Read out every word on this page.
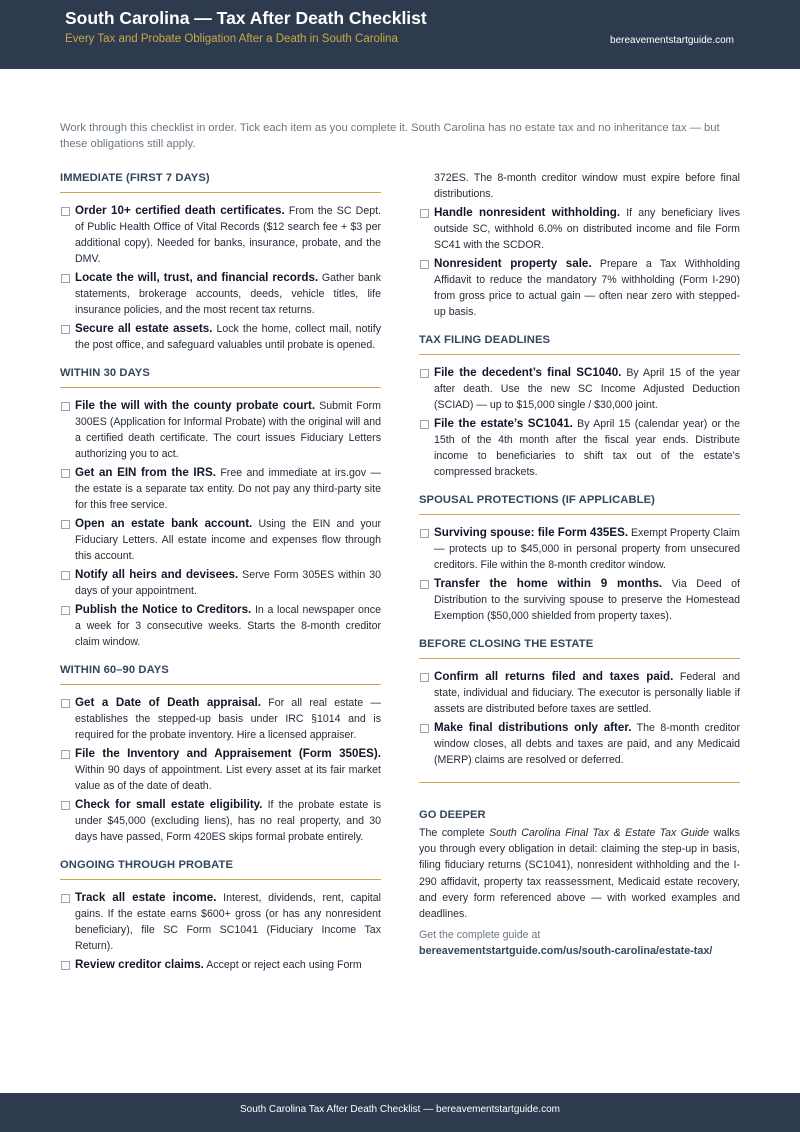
South Carolina — Tax After Death Checklist
Every Tax and Probate Obligation After a Death in South Carolina	bereavementstartguide.com
Work through this checklist in order. Tick each item as you complete it. South Carolina has no estate tax and no inheritance tax — but these obligations still apply.
IMMEDIATE (FIRST 7 DAYS)
Order 10+ certified death certificates. From the SC Dept. of Public Health Office of Vital Records ($12 search fee + $3 per additional copy). Needed for banks, insurance, probate, and the DMV.
Locate the will, trust, and financial records. Gather bank statements, brokerage accounts, deeds, vehicle titles, life insurance policies, and the most recent tax returns.
Secure all estate assets. Lock the home, collect mail, notify the post office, and safeguard valuables until probate is opened.
WITHIN 30 DAYS
File the will with the county probate court. Submit Form 300ES (Application for Informal Probate) with the original will and a certified death certificate. The court issues Fiduciary Letters authorizing you to act.
Get an EIN from the IRS. Free and immediate at irs.gov — the estate is a separate tax entity. Do not pay any third-party site for this free service.
Open an estate bank account. Using the EIN and your Fiduciary Letters. All estate income and expenses flow through this account.
Notify all heirs and devisees. Serve Form 305ES within 30 days of your appointment.
Publish the Notice to Creditors. In a local newspaper once a week for 3 consecutive weeks. Starts the 8-month creditor claim window.
WITHIN 60–90 DAYS
Get a Date of Death appraisal. For all real estate — establishes the stepped-up basis under IRC §1014 and is required for the probate inventory. Hire a licensed appraiser.
File the Inventory and Appraisement (Form 350ES). Within 90 days of appointment. List every asset at its fair market value as of the date of death.
Check for small estate eligibility. If the probate estate is under $45,000 (excluding liens), has no real property, and 30 days have passed, Form 420ES skips formal probate entirely.
ONGOING THROUGH PROBATE
Track all estate income. Interest, dividends, rent, capital gains. If the estate earns $600+ gross (or has any nonresident beneficiary), file SC Form SC1041 (Fiduciary Income Tax Return).
Review creditor claims. Accept or reject each using Form
372ES. The 8-month creditor window must expire before final distributions.
Handle nonresident withholding. If any beneficiary lives outside SC, withhold 6.0% on distributed income and file Form SC41 with the SCDOR.
Nonresident property sale. Prepare a Tax Withholding Affidavit to reduce the mandatory 7% withholding (Form I-290) from gross price to actual gain — often near zero with stepped-up basis.
TAX FILING DEADLINES
File the decedent’s final SC1040. By April 15 of the year after death. Use the new SC Income Adjusted Deduction (SCIAD) — up to $15,000 single / $30,000 joint.
File the estate’s SC1041. By April 15 (calendar year) or the 15th of the 4th month after the fiscal year ends. Distribute income to beneficiaries to shift tax out of the estate’s compressed brackets.
SPOUSAL PROTECTIONS (IF APPLICABLE)
Surviving spouse: file Form 435ES. Exempt Property Claim — protects up to $45,000 in personal property from unsecured creditors. File within the 8-month creditor window.
Transfer the home within 9 months. Via Deed of Distribution to the surviving spouse to preserve the Homestead Exemption ($50,000 shielded from property taxes).
BEFORE CLOSING THE ESTATE
Confirm all returns filed and taxes paid. Federal and state, individual and fiduciary. The executor is personally liable if assets are distributed before taxes are settled.
Make final distributions only after. The 8-month creditor window closes, all debts and taxes are paid, and any Medicaid (MERP) claims are resolved or deferred.
GO DEEPER
The complete South Carolina Final Tax & Estate Tax Guide walks you through every obligation in detail: claiming the step-up in basis, filing fiduciary returns (SC1041), nonresident withholding and the I-290 affidavit, property tax reassessment, Medicaid estate recovery, and every form referenced above — with worked examples and deadlines.
Get the complete guide at
bereavementstartguide.com/us/south-carolina/estate-tax/
South Carolina Tax After Death Checklist — bereavementstartguide.com
